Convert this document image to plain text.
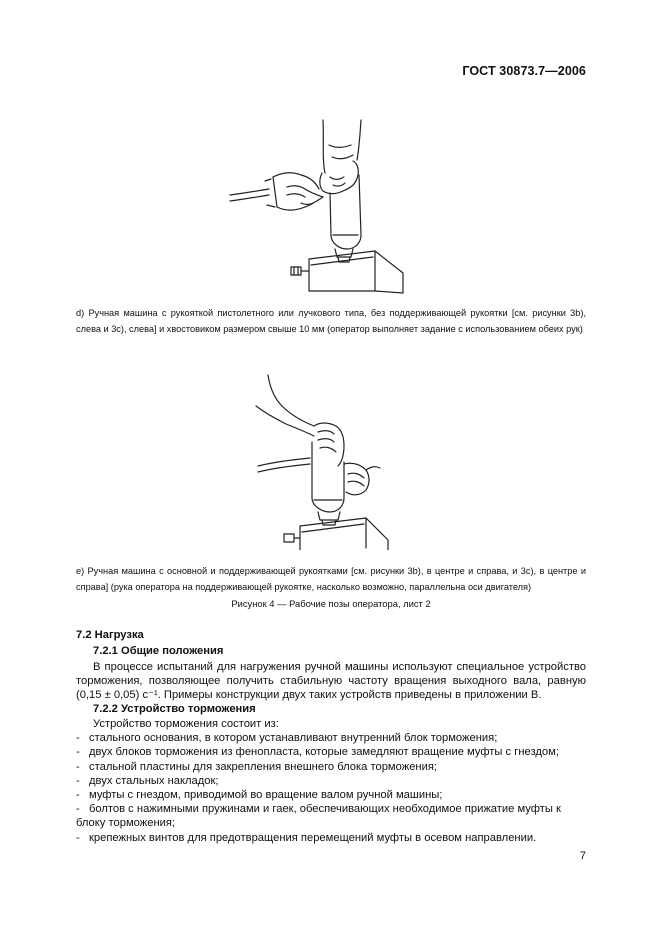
ГОСТ 30873.7—2006
d) Ручная машина с рукояткой пистолетного или лучкового типа, без поддерживающей рукоятки [см. рисунки 3b), слева и 3c), слева] и хвостовиком размером свыше 10 мм (оператор выполняет задание с использованием обеих рук)
e) Ручная машина с основной и поддерживающей рукоятками [см. рисунки 3b), в центре и справа, и 3c), в центре и справа] (рука оператора на поддерживающей рукоятке, насколько возможно, параллельна оси двигателя)
Рисунок 4 — Рабочие позы оператора, лист 2
7.2 Нагрузка
7.2.1 Общие положения

В процессе испытаний для нагружения ручной машины используют специальное устройство торможения, позволяющее получить стабильную частоту вращения выходного вала, равную (0,15 ± 0,05) с⁻¹. Примеры конструкции двух таких устройств приведены в приложении В.

7.2.2 Устройство торможения

Устройство торможения состоит из:

- стального основания, в котором устанавливают внутренний блок торможения;
- двух блоков торможения из фенопласта, которые замедляют вращение муфты с гнездом;
- стальной пластины для закрепления внешнего блока торможения;
- двух стальных накладок;
- муфты с гнездом, приводимой во вращение валом ручной машины;
- болтов с нажимными пружинами и гаек, обеспечивающих необходимое прижатие муфты к блоку торможения;
- крепежных винтов для предотвращения перемещений муфты в осевом направлении.
7
